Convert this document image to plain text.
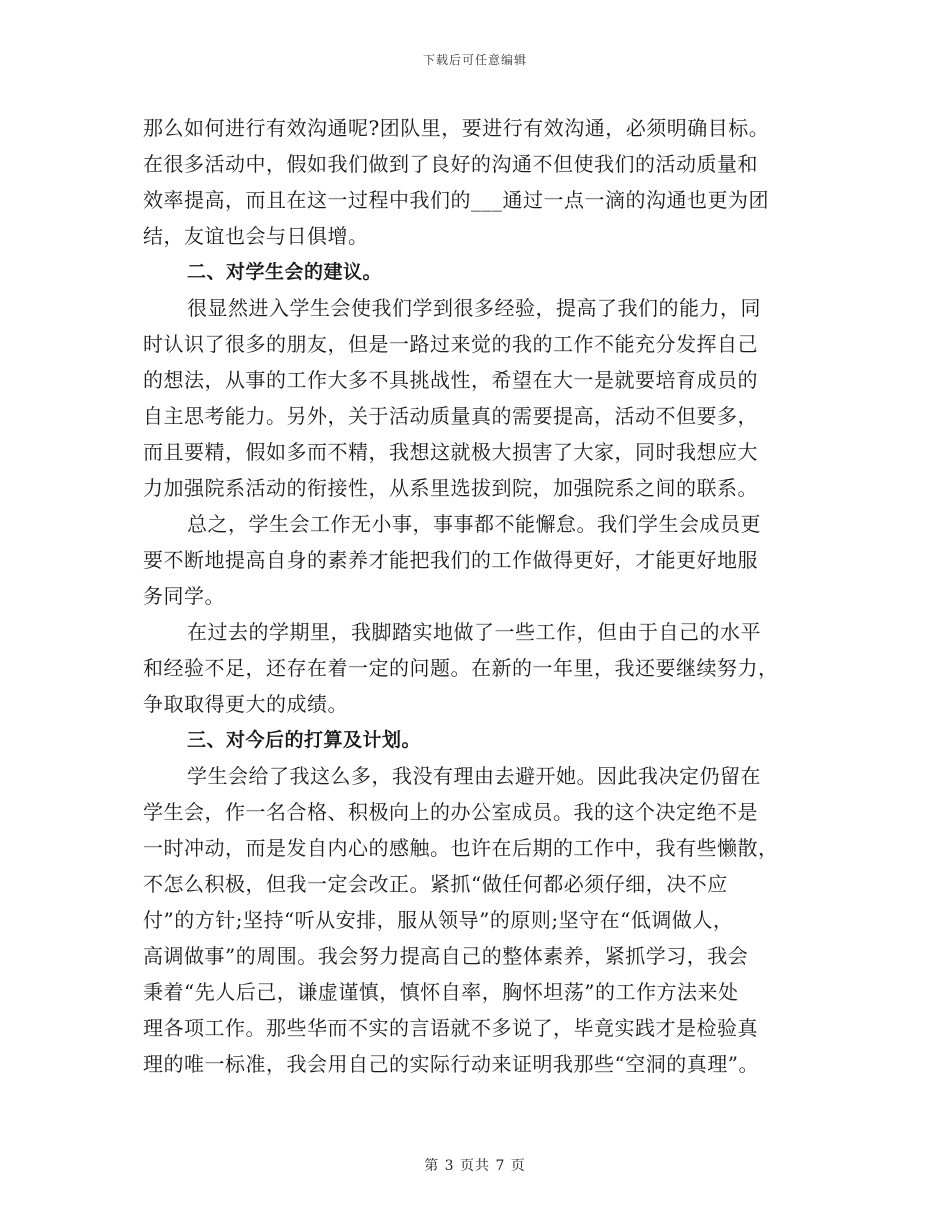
下载后可任意编辑
那么如何进行有效沟通呢?团队里，要进行有效沟通，必须明确目标。
在很多活动中，假如我们做到了良好的沟通不但使我们的活动质量和
效率提高，而且在这一过程中我们的___通过一点一滴的沟通也更为团
结，友谊也会与日俱增。
二、对学生会的建议。
很显然进入学生会使我们学到很多经验，提高了我们的能力，同
时认识了很多的朋友，但是一路过来觉的我的工作不能充分发挥自己
的想法，从事的工作大多不具挑战性，希望在大一是就要培育成员的
自主思考能力。另外，关于活动质量真的需要提高，活动不但要多，
而且要精，假如多而不精，我想这就极大损害了大家，同时我想应大
力加强院系活动的衔接性，从系里选拔到院，加强院系之间的联系。
总之，学生会工作无小事，事事都不能懈怠。我们学生会成员更
要不断地提高自身的素养才能把我们的工作做得更好，才能更好地服
务同学。
在过去的学期里，我脚踏实地做了一些工作，但由于自己的水平
和经验不足，还存在着一定的问题。在新的一年里，我还要继续努力，
争取取得更大的成绩。
三、对今后的打算及计划。
学生会给了我这么多，我没有理由去避开她。因此我决定仍留在
学生会，作一名合格、积极向上的办公室成员。我的这个决定绝不是
一时冲动，而是发自内心的感触。也许在后期的工作中，我有些懒散，
不怎么积极，但我一定会改正。紧抓“做任何都必须仔细，决不应
付”的方针;坚持“听从安排，服从领导”的原则;坚守在“低调做人，
高调做事”的周围。我会努力提高自己的整体素养，紧抓学习，我会
秉着“先人后己，谦虚谨慎，慎怀自率，胸怀坦荡”的工作方法来处
理各项工作。那些华而不实的言语就不多说了，毕竟实践才是检验真
理的唯一标准，我会用自己的实际行动来证明我那些“空洞的真理”。
第 3 页共 7 页
